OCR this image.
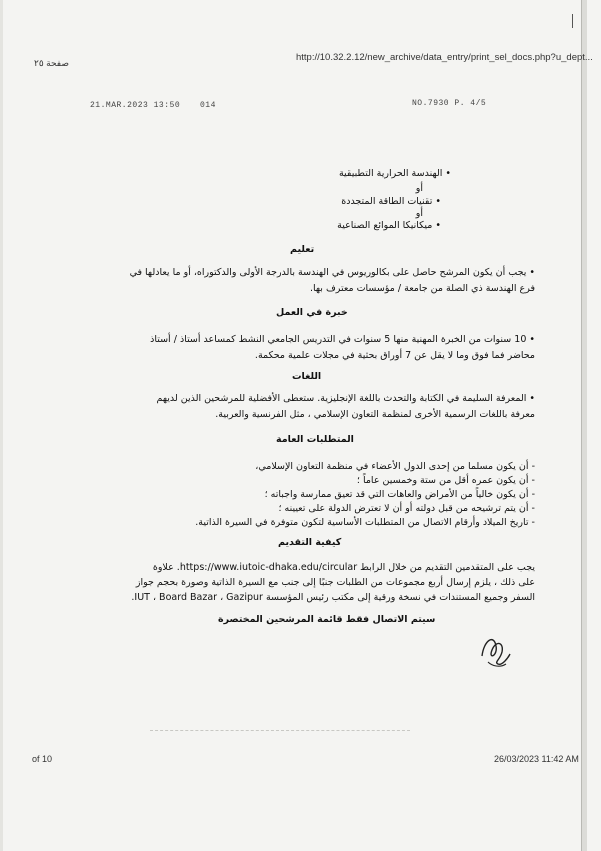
صفحة ٢٥	http://10.32.2.12/new_archive/data_entry/print_sel_docs.php?u_dept...
21.MAR.2023 13:50 014	NO.7930 P. 4/5
• الهندسة الحرارية التطبيقية
أو
• تقنيات الطاقة المتجددة
أو
• ميكانيكا الموائع الصناعية
تعليم
• يجب أن يكون المرشح حاصل على بكالوريوس في الهندسة بالدرجة الأولى والدكتوراه، أو ما يعادلها في
فرع الهندسة ذي الصلة من جامعة / مؤسسات معترف بها.
خبرة في العمل
• 10 سنوات من الخبرة المهنية منها 5 سنوات في التدريس الجامعي النشط كمساعد أستاذ / أستاذ
محاضر فما فوق وما لا يقل عن 7 أوراق بحثية في مجلات علمية محكمة.
اللغات
• المعرفة السليمة في الكتابة والتحدث باللغة الإنجليزية. ستعطى الأفضلية للمرشحين الذين لديهم
معرفة باللغات الرسمية الأخرى لمنظمة التعاون الإسلامي ، مثل الفرنسية والعربية.
المتطلبات العامة
- أن يكون مسلما من إحدى الدول الأعضاء في منظمة التعاون الإسلامي،
- أن يكون عمره أقل من ستة وخمسين عاماً ؛
- أن يكون خالياً من الأمراض والعاهات التي قد تعيق ممارسة واجباته ؛
- أن يتم ترشيحه من قبل دولته أو أن لا تعترض الدولة على تعيينه ؛
- تاريخ الميلاد وأرقام الاتصال من المتطلبات الأساسية لتكون متوفرة في السيرة الذاتية.
كيفية التقديم
يجب على المتقدمين التقديم من خلال الرابط https://www.iutoic-dhaka.edu/circular. علاوة
على ذلك ، يلزم إرسال أربع مجموعات من الطلبات جنبًا إلى جنب مع السيرة الذاتية وصورة بحجم جواز
السفر وجميع المستندات في نسخة ورقية إلى مكتب رئيس المؤسسة IUT ، Board Bazar ، Gazipur.
سيتم الاتصال فقط قائمة المرشحين المختصرة
of 10	26/03/2023 11:42 AM
